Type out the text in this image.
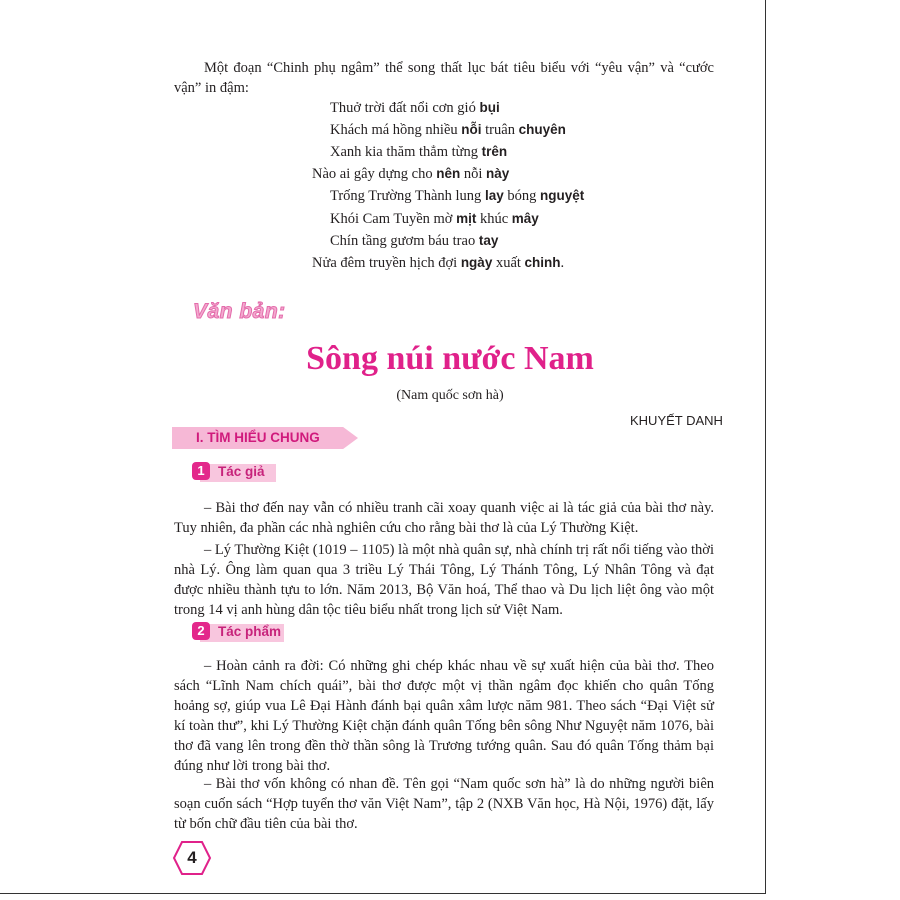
Một đoạn “Chinh phụ ngâm” thể song thất lục bát tiêu biểu với “yêu vận” và “cước vận” in đậm:
Thuở trời đất nổi cơn gió bụi
Khách má hồng nhiều nỗi truân chuyên
Xanh kia thăm thẳm từng trên
Nào ai gây dựng cho nên nỗi này
Trống Trường Thành lung lay bóng nguyệt
Khói Cam Tuyền mờ mịt khúc mây
Chín tầng gươm báu trao tay
Nửa đêm truyền hịch đợi ngày xuất chinh.
Văn bản:
Sông núi nước Nam
(Nam quốc sơn hà)
KHUYẾT DANH
I. TÌM HIỂU CHUNG
1 Tác giả
– Bài thơ đến nay vẫn có nhiều tranh cãi xoay quanh việc ai là tác giả của bài thơ này. Tuy nhiên, đa phần các nhà nghiên cứu cho rằng bài thơ là của Lý Thường Kiệt.
– Lý Thường Kiệt (1019 – 1105) là một nhà quân sự, nhà chính trị rất nổi tiếng vào thời nhà Lý. Ông làm quan qua 3 triều Lý Thái Tông, Lý Thánh Tông, Lý Nhân Tông và đạt được nhiều thành tựu to lớn. Năm 2013, Bộ Văn hoá, Thể thao và Du lịch liệt ông vào một trong 14 vị anh hùng dân tộc tiêu biểu nhất trong lịch sử Việt Nam.
2 Tác phẩm
– Hoàn cảnh ra đời: Có những ghi chép khác nhau về sự xuất hiện của bài thơ. Theo sách “Lĩnh Nam chích quái”, bài thơ được một vị thần ngâm đọc khiến cho quân Tống hoảng sợ, giúp vua Lê Đại Hành đánh bại quân xâm lược năm 981. Theo sách “Đại Việt sử kí toàn thư”, khi Lý Thường Kiệt chặn đánh quân Tống bên sông Như Nguyệt năm 1076, bài thơ đã vang lên trong đền thờ thần sông là Trương tướng quân. Sau đó quân Tống thảm bại đúng như lời trong bài thơ.
– Bài thơ vốn không có nhan đề. Tên gọi “Nam quốc sơn hà” là do những người biên soạn cuốn sách “Hợp tuyển thơ văn Việt Nam”, tập 2 (NXB Văn học, Hà Nội, 1976) đặt, lấy từ bốn chữ đầu tiên của bài thơ.
4
